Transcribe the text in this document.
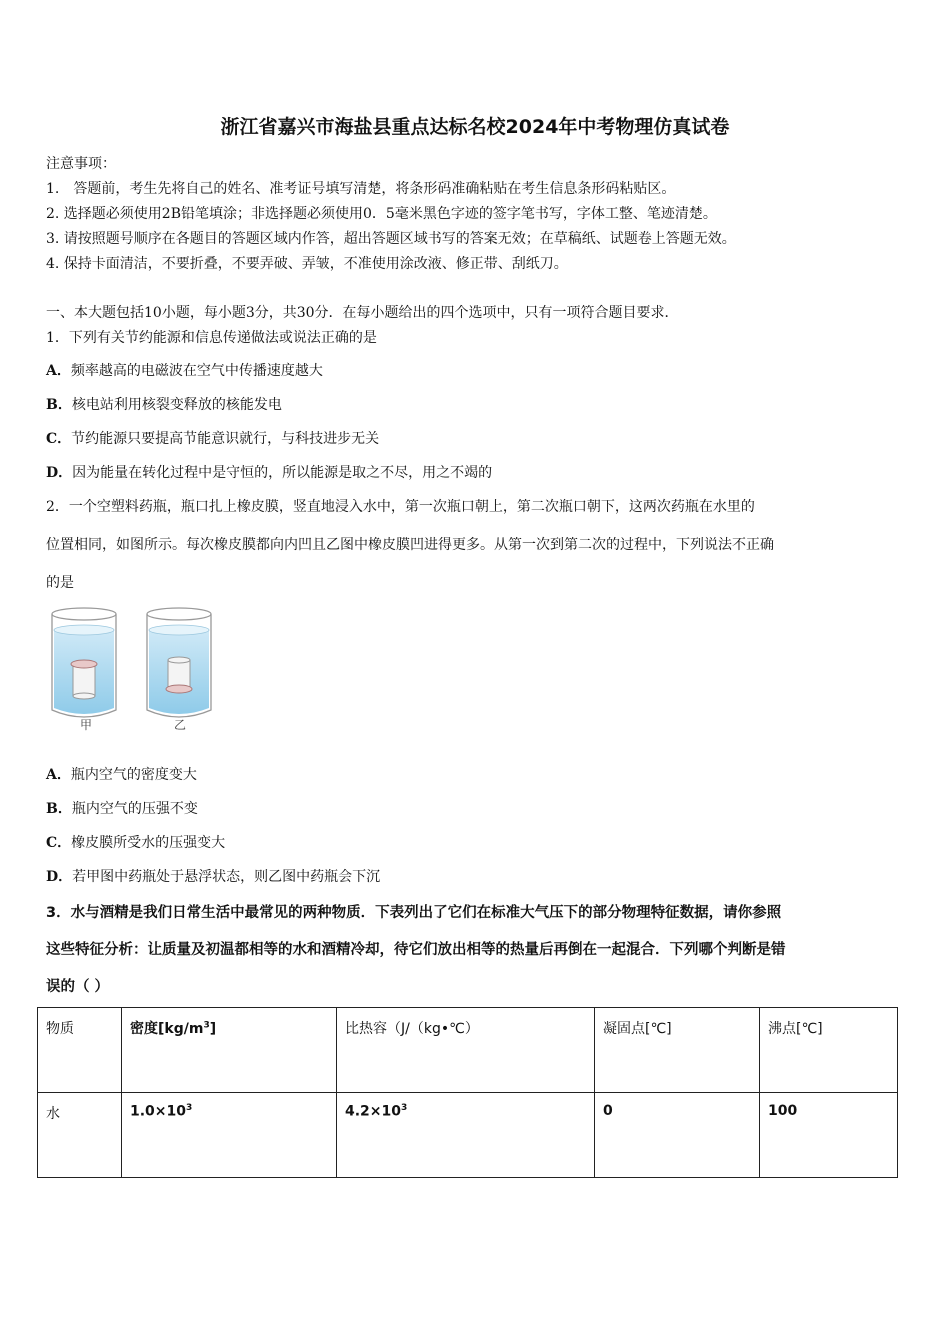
浙江省嘉兴市海盐县重点达标名校2024年中考物理仿真试卷
注意事项：
1.　答题前，考生先将自己的姓名、准考证号填写清楚，将条形码准确粘贴在考生信息条形码粘贴区。
2. 选择题必须使用2B铅笔填涂；非选择题必须使用0．5毫米黑色字迹的签字笔书写，字体工整、笔迹清楚。
3. 请按照题号顺序在各题目的答题区域内作答，超出答题区域书写的答案无效；在草稿纸、试题卷上答题无效。
4. 保持卡面清洁，不要折叠，不要弄破、弄皱，不准使用涂改液、修正带、刮纸刀。
一、本大题包括10小题，每小题3分，共30分．在每小题给出的四个选项中，只有一项符合题目要求．
1．下列有关节约能源和信息传递做法或说法正确的是
A．频率越高的电磁波在空气中传播速度越大
B．核电站利用核裂变释放的核能发电
C．节约能源只要提高节能意识就行，与科技进步无关
D．因为能量在转化过程中是守恒的，所以能源是取之不尽，用之不竭的
2．一个空塑料药瓶，瓶口扎上橡皮膜，竖直地浸入水中，第一次瓶口朝上，第二次瓶口朝下，这两次药瓶在水里的
位置相同，如图所示。每次橡皮膜都向内凹且乙图中橡皮膜凹进得更多。从第一次到第二次的过程中，下列说法不正确
的是
甲	乙
A．瓶内空气的密度变大
B．瓶内空气的压强不变
C．橡皮膜所受水的压强变大
D．若甲图中药瓶处于悬浮状态，则乙图中药瓶会下沉
3．水与酒精是我们日常生活中最常见的两种物质．下表列出了它们在标准大气压下的部分物理特征数据，请你参照
这些特征分析：让质量及初温都相等的水和酒精冷却，待它们放出相等的热量后再倒在一起混合．下列哪个判断是错
误的（ ）
物质	密度$[kg/m^3]$	比热容（J/（kg•℃）	凝固点[℃]	沸点[℃]
水	$1.0\times 10^3$	$4.2\times 10^3$	0	100
